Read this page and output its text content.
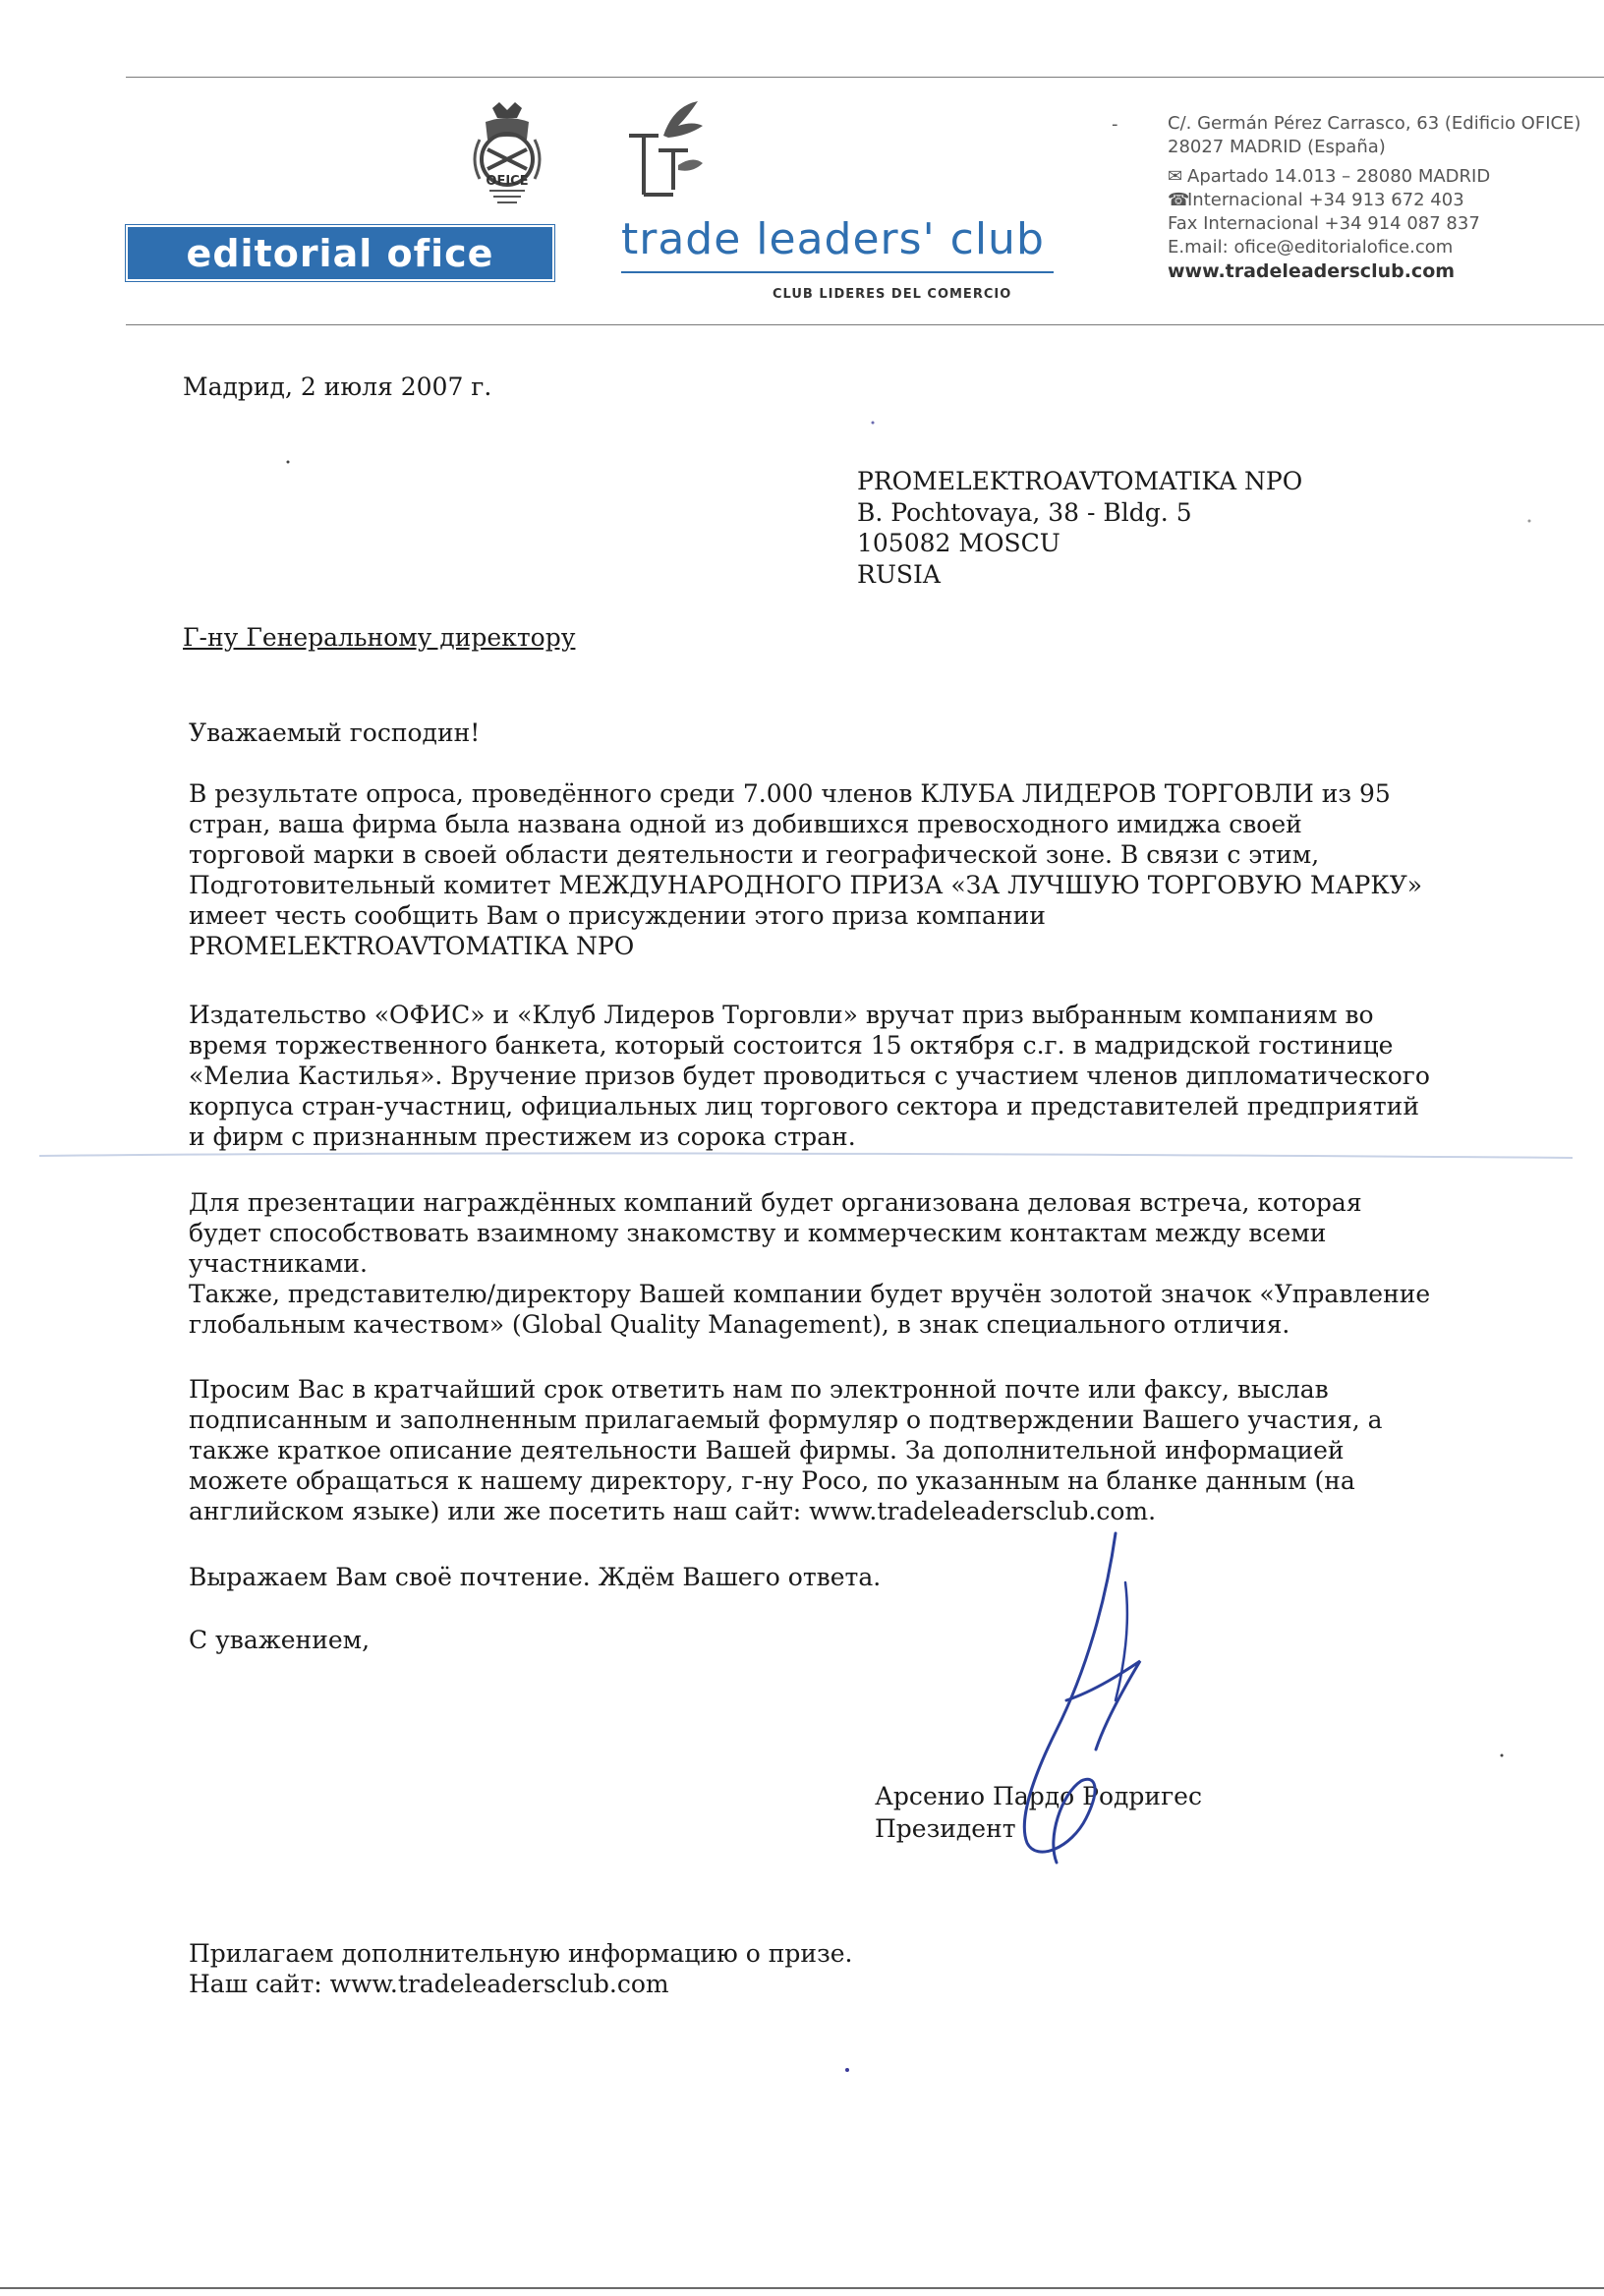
editorial ofice
OFICE
trade leaders' club
CLUB LIDERES DEL COMERCIO
-	C/. Germán Pérez Carrasco, 63 (Edificio OFICE)
28027 MADRID (España)
✉ Apartado 14.013 – 28080 MADRID
☎Internacional +34 913 672 403
Fax Internacional +34 914 087 837
E.mail: ofice@editorialofice.com
www.tradeleadersclub.com
Мадрид, 2 июля 2007 г.
PROMELEKTROAVTOMATIKA NPO
B. Pochtovaya, 38 - Bldg. 5
105082 MOSCU
RUSIA
Г-ну Генеральному директору
Уважаемый господин!
В результате опроса, проведённого среди 7.000 членов КЛУБА ЛИДЕРОВ ТОРГОВЛИ из 95
стран, ваша фирма была названа одной из добившихся превосходного имиджа своей
торговой марки в своей области деятельности и географической зоне. В связи с этим,
Подготовительный комитет МЕЖДУНАРОДНОГО ПРИЗА «ЗА ЛУЧШУЮ ТОРГОВУЮ МАРКУ»
имеет честь сообщить Вам о присуждении этого приза компании
PROMELEKTROAVTOMATIKA NPO
Издательство «ОФИС» и «Клуб Лидеров Торговли» вручат приз выбранным компаниям во
время торжественного банкета, который состоится 15 октября с.г. в мадридской гостинице
«Мелиа Кастилья». Вручение призов будет проводиться с участием членов дипломатического
корпуса стран-участниц, официальных лиц торгового сектора и представителей предприятий
и фирм с признанным престижем из сорока стран.
Для презентации награждённых компаний будет организована деловая встреча, которая
будет способствовать взаимному знакомству и коммерческим контактам между всеми
участниками.
Также, представителю/директору Вашей компании будет вручён золотой значок «Управление
глобальным качеством» (Global Quality Management), в знак специального отличия.
Просим Вас в кратчайший срок ответить нам по электронной почте или факсу, выслав
подписанным и заполненным прилагаемый формуляр о подтверждении Вашего участия, а
также краткое описание деятельности Вашей фирмы. За дополнительной информацией
можете обращаться к нашему директору, г-ну Росо, по указанным на бланке данным (на
английском языке) или же посетить наш сайт: www.tradeleadersclub.com.
Выражаем Вам своё почтение. Ждём Вашего ответа.
С уважением,
Арсенио Пардо Родригес
Президент
Прилагаем дополнительную информацию о призе.
Наш сайт: www.tradeleadersclub.com
